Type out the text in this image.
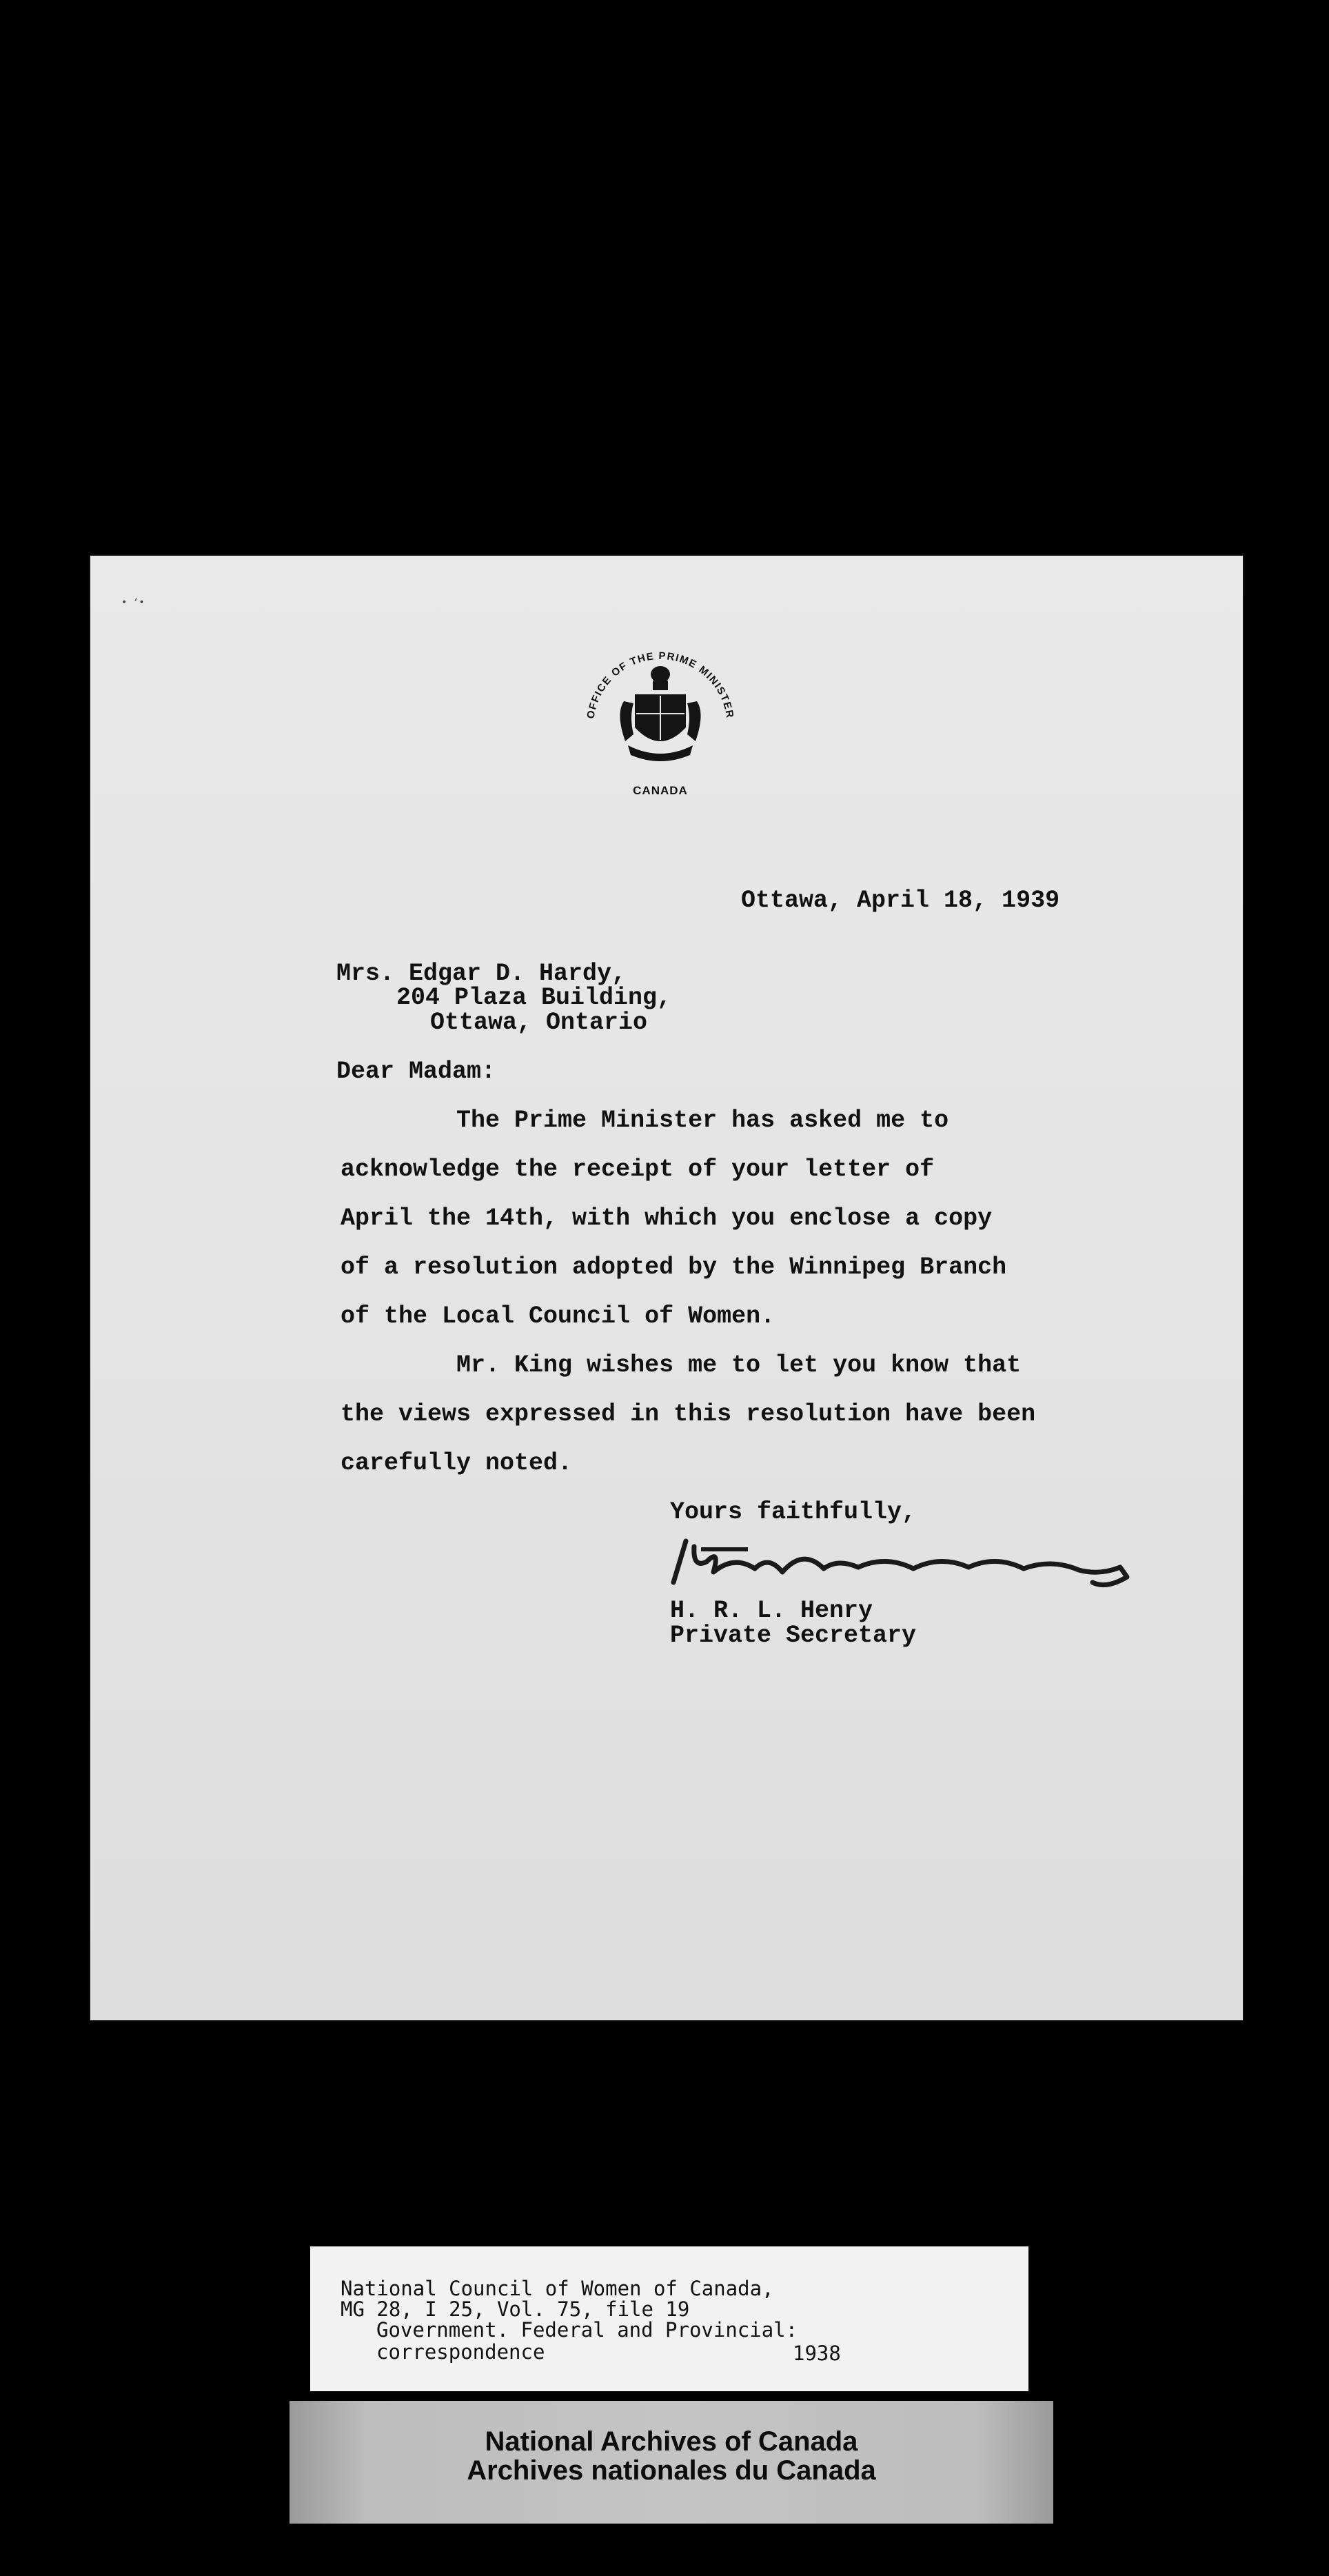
• ‘•
OFFICE OF THE PRIME MINISTER
CANADA
Ottawa, April 18, 1939
Mrs. Edgar D. Hardy,
204 Plaza Building,
Ottawa, Ontario
Dear Madam:
The Prime Minister has asked me to
acknowledge the receipt of your letter of
April the 14th, with which you enclose a copy
of a resolution adopted by the Winnipeg Branch
of the Local Council of Women.
Mr. King wishes me to let you know that
the views expressed in this resolution have been
carefully noted.
Yours faithfully,
H. R. L. Henry
Private Secretary
National Council of Women of Canada,
MG 28, I 25, Vol. 75, file 19
Government. Federal and Provincial:
correspondence	1938
National Archives of Canada
Archives nationales du Canada
